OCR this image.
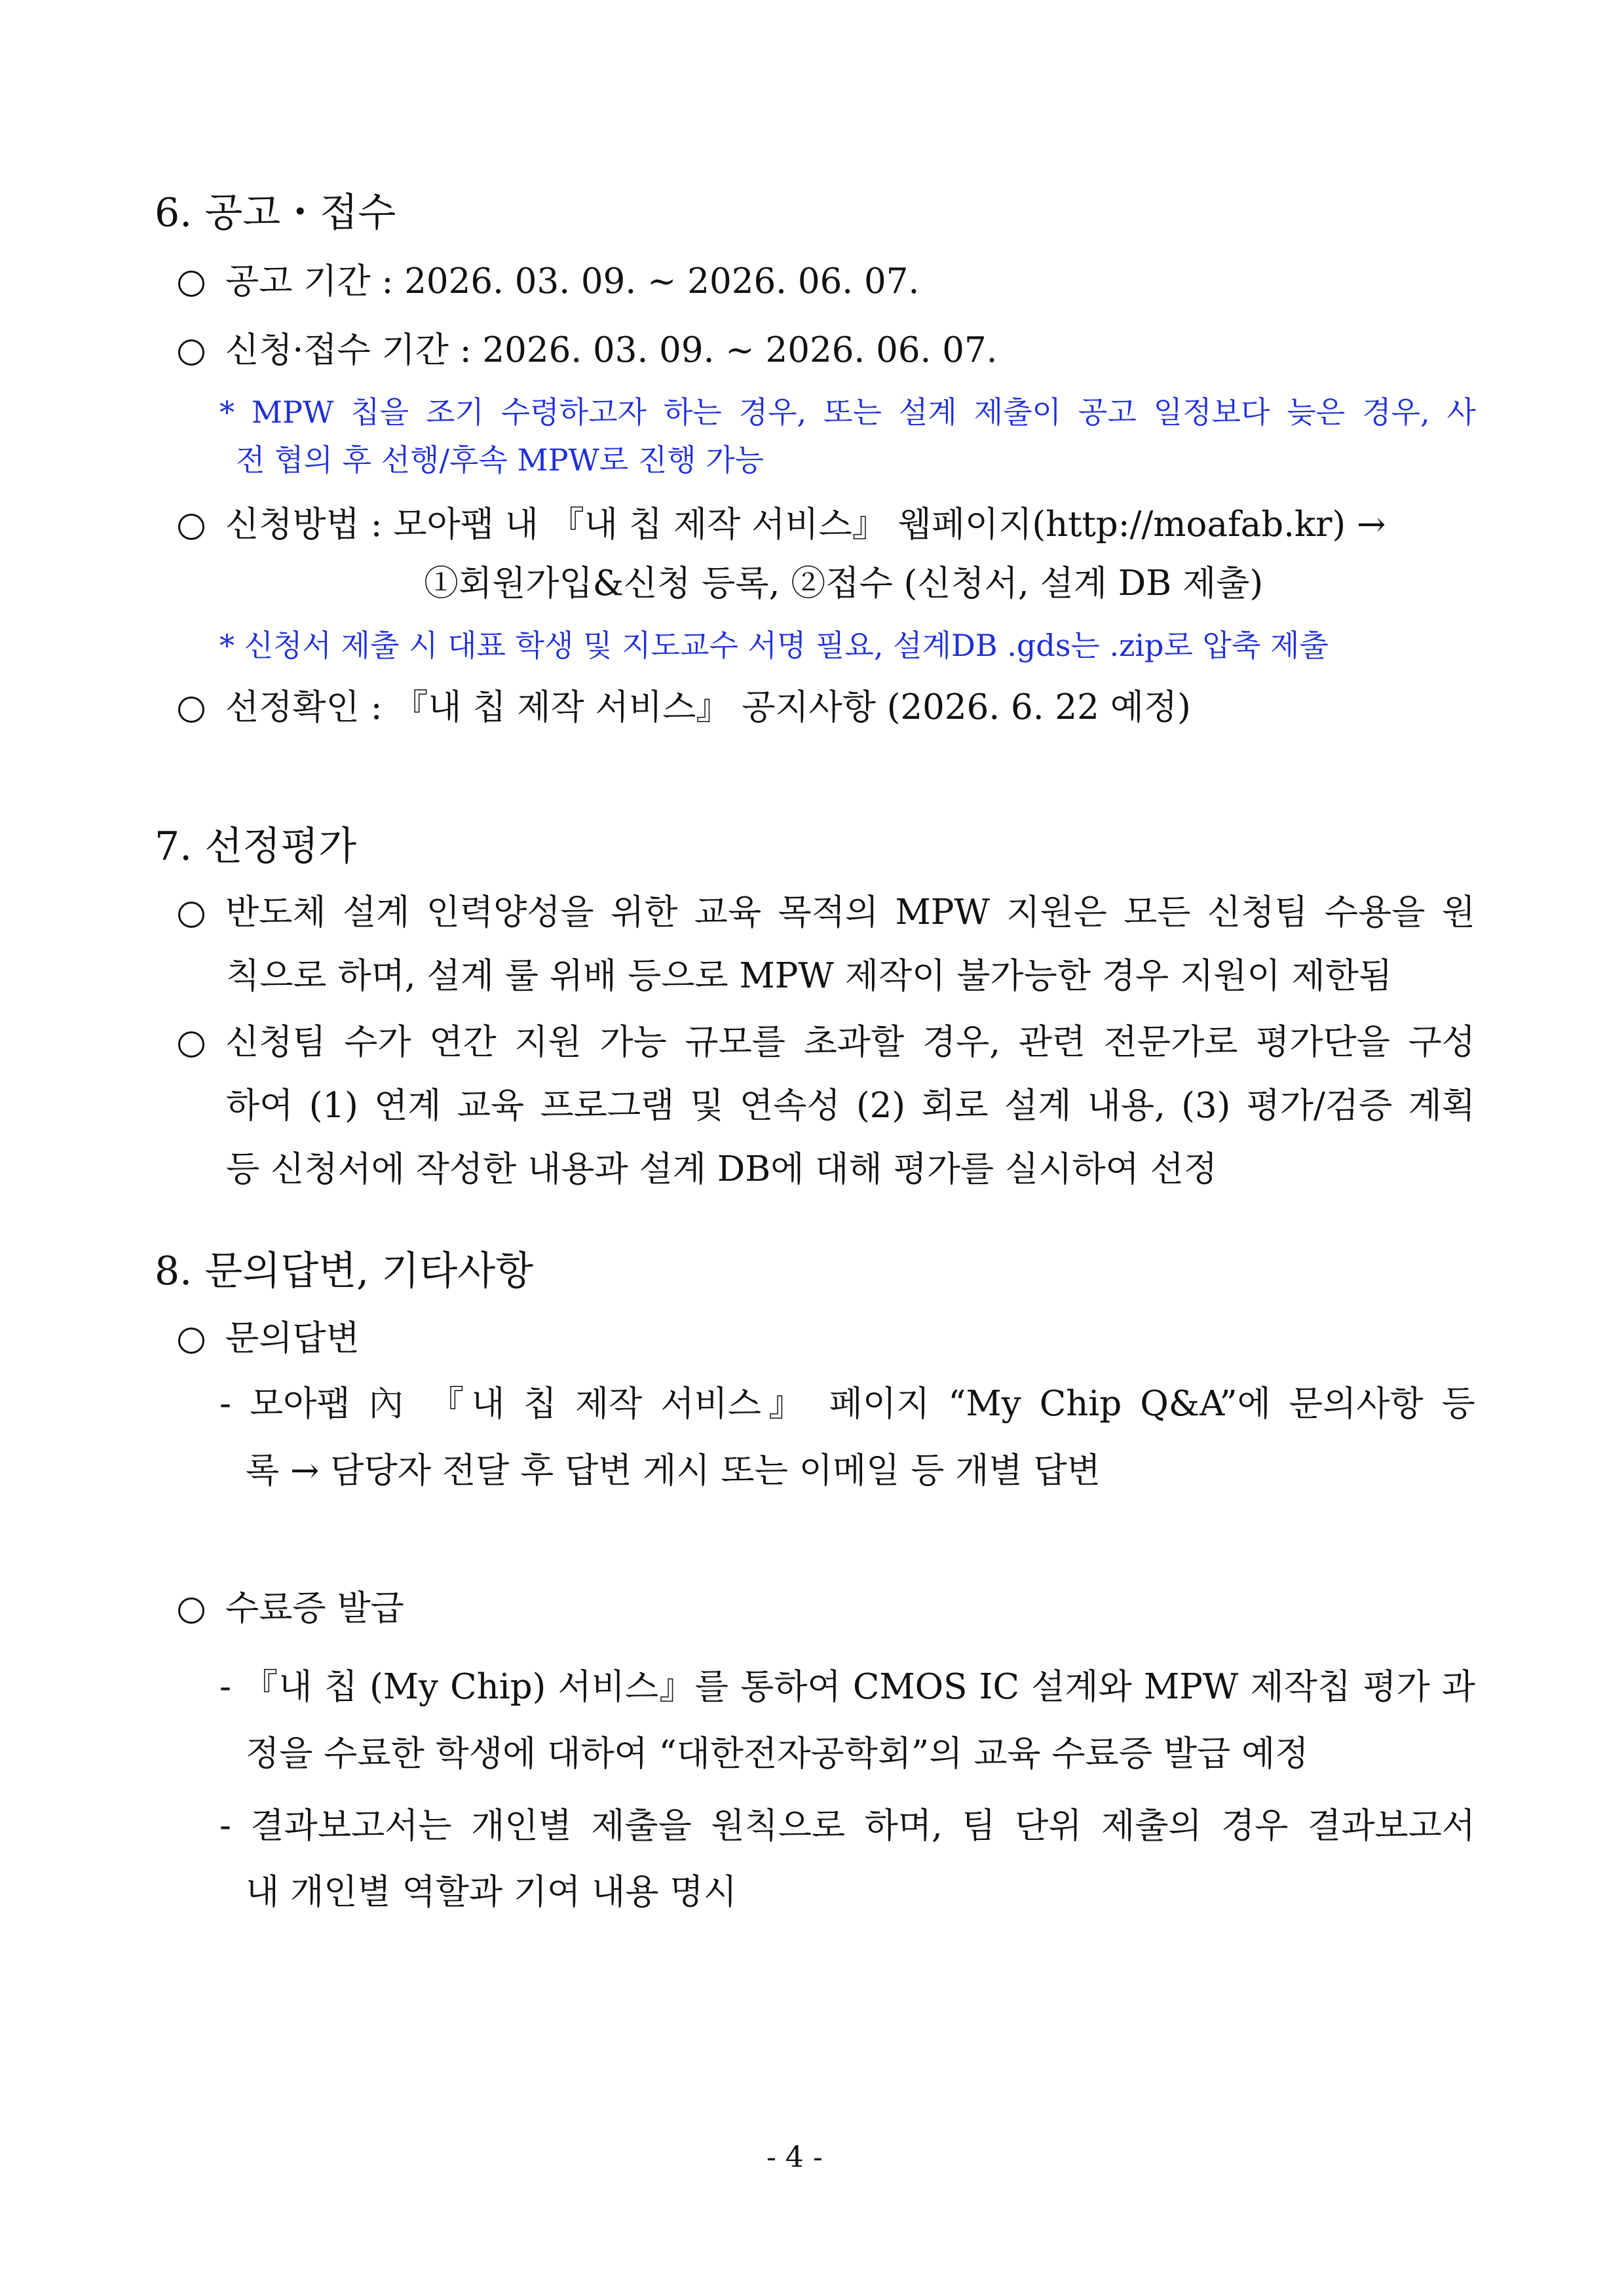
6. 공고・접수
공고 기간 : 2026. 03. 09. ~ 2026. 06. 07.
신청·접수 기간 : 2026. 03. 09. ~ 2026. 06. 07.
* MPW 칩을 조기 수령하고자 하는 경우, 또는 설계 제출이 공고 일정보다 늦은 경우, 사
전 협의 후 선행/후속 MPW로 진행 가능
신청방법 : 모아팹 내 『내 칩 제작 서비스』 웹페이지(http://moafab.kr) →
①회원가입&신청 등록, ②접수 (신청서, 설계 DB 제출)
* 신청서 제출 시 대표 학생 및 지도교수 서명 필요, 설계DB .gds는 .zip로 압축 제출
선정확인 : 『내 칩 제작 서비스』 공지사항 (2026. 6. 22 예정)
7. 선정평가
반도체 설계 인력양성을 위한 교육 목적의 MPW 지원은 모든 신청팀 수용을 원
칙으로 하며, 설계 룰 위배 등으로 MPW 제작이 불가능한 경우 지원이 제한됨
신청팀 수가 연간 지원 가능 규모를 초과할 경우, 관련 전문가로 평가단을 구성
하여 (1) 연계 교육 프로그램 및 연속성 (2) 회로 설계 내용, (3) 평가/검증 계획
등 신청서에 작성한 내용과 설계 DB에 대해 평가를 실시하여 선정
8. 문의답변, 기타사항
문의답변
- 모아팹 內 『내 칩 제작 서비스』 페이지 “My Chip Q&A”에 문의사항 등
록 → 담당자 전달 후 답변 게시 또는 이메일 등 개별 답변
수료증 발급
- 『내 칩 (My Chip) 서비스』를 통하여 CMOS IC 설계와 MPW 제작칩 평가 과
정을 수료한 학생에 대하여 “대한전자공학회”의 교육 수료증 발급 예정
- 결과보고서는 개인별 제출을 원칙으로 하며, 팀 단위 제출의 경우 결과보고서
내 개인별 역할과 기여 내용 명시
- 4 -
